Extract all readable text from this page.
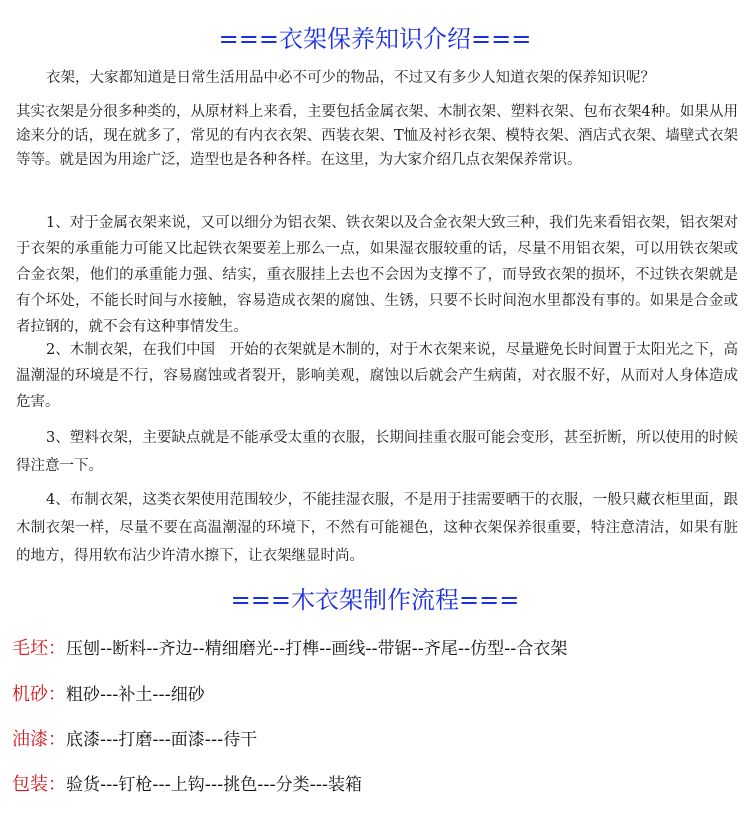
===衣架保养知识介绍===

衣架，大家都知道是日常生活用品中必不可少的物品，不过又有多少人知道衣架的保养知识呢？

其实衣架是分很多种类的，从原材料上来看，主要包括金属衣架、木制衣架、塑料衣架、包布衣架4种。如果从用途来分的话，现在就多了，常见的有内衣衣架、西装衣架、T恤及衬衫衣架、模特衣架、酒店式衣架、墙壁式衣架等等。就是因为用途广泛，造型也是各种各样。在这里，为大家介绍几点衣架保养常识。

1、对于金属衣架来说，又可以细分为铝衣架、铁衣架以及合金衣架大致三种，我们先来看铝衣架，铝衣架对于衣架的承重能力可能又比起铁衣架要差上那么一点，如果湿衣服较重的话，尽量不用铝衣架，可以用铁衣架或合金衣架，他们的承重能力强、结实，重衣服挂上去也不会因为支撑不了，而导致衣架的损坏，不过铁衣架就是有个坏处，不能长时间与水接触，容易造成衣架的腐蚀、生锈，只要不长时间泡水里都没有事的。如果是合金或者拉钢的，就不会有这种事情发生。

2、木制衣架，在我们中国　开始的衣架就是木制的，对于木衣架来说，尽量避免长时间置于太阳光之下，高温潮湿的环境是不行，容易腐蚀或者裂开，影响美观，腐蚀以后就会产生病菌，对衣服不好，从而对人身体造成危害。

3、塑料衣架，主要缺点就是不能承受太重的衣服，长期间挂重衣服可能会变形，甚至折断，所以使用的时候得注意一下。

4、布制衣架，这类衣架使用范围较少，不能挂湿衣服，不是用于挂需要晒干的衣服，一般只藏衣柜里面，跟木制衣架一样，尽量不要在高温潮湿的环境下，不然有可能褪色，这种衣架保养很重要，特注意清洁，如果有脏的地方，得用软布沾少许清水擦下，让衣架继显时尚。

===木衣架制作流程===
毛坯：压刨--断料--齐边--精细磨光--打榫--画线--带锯--齐尾--仿型--合衣架
机砂：粗砂---补土---细砂
油漆：底漆---打磨---面漆---待干
包装：验货---钉枪---上钩---挑色---分类---装箱
